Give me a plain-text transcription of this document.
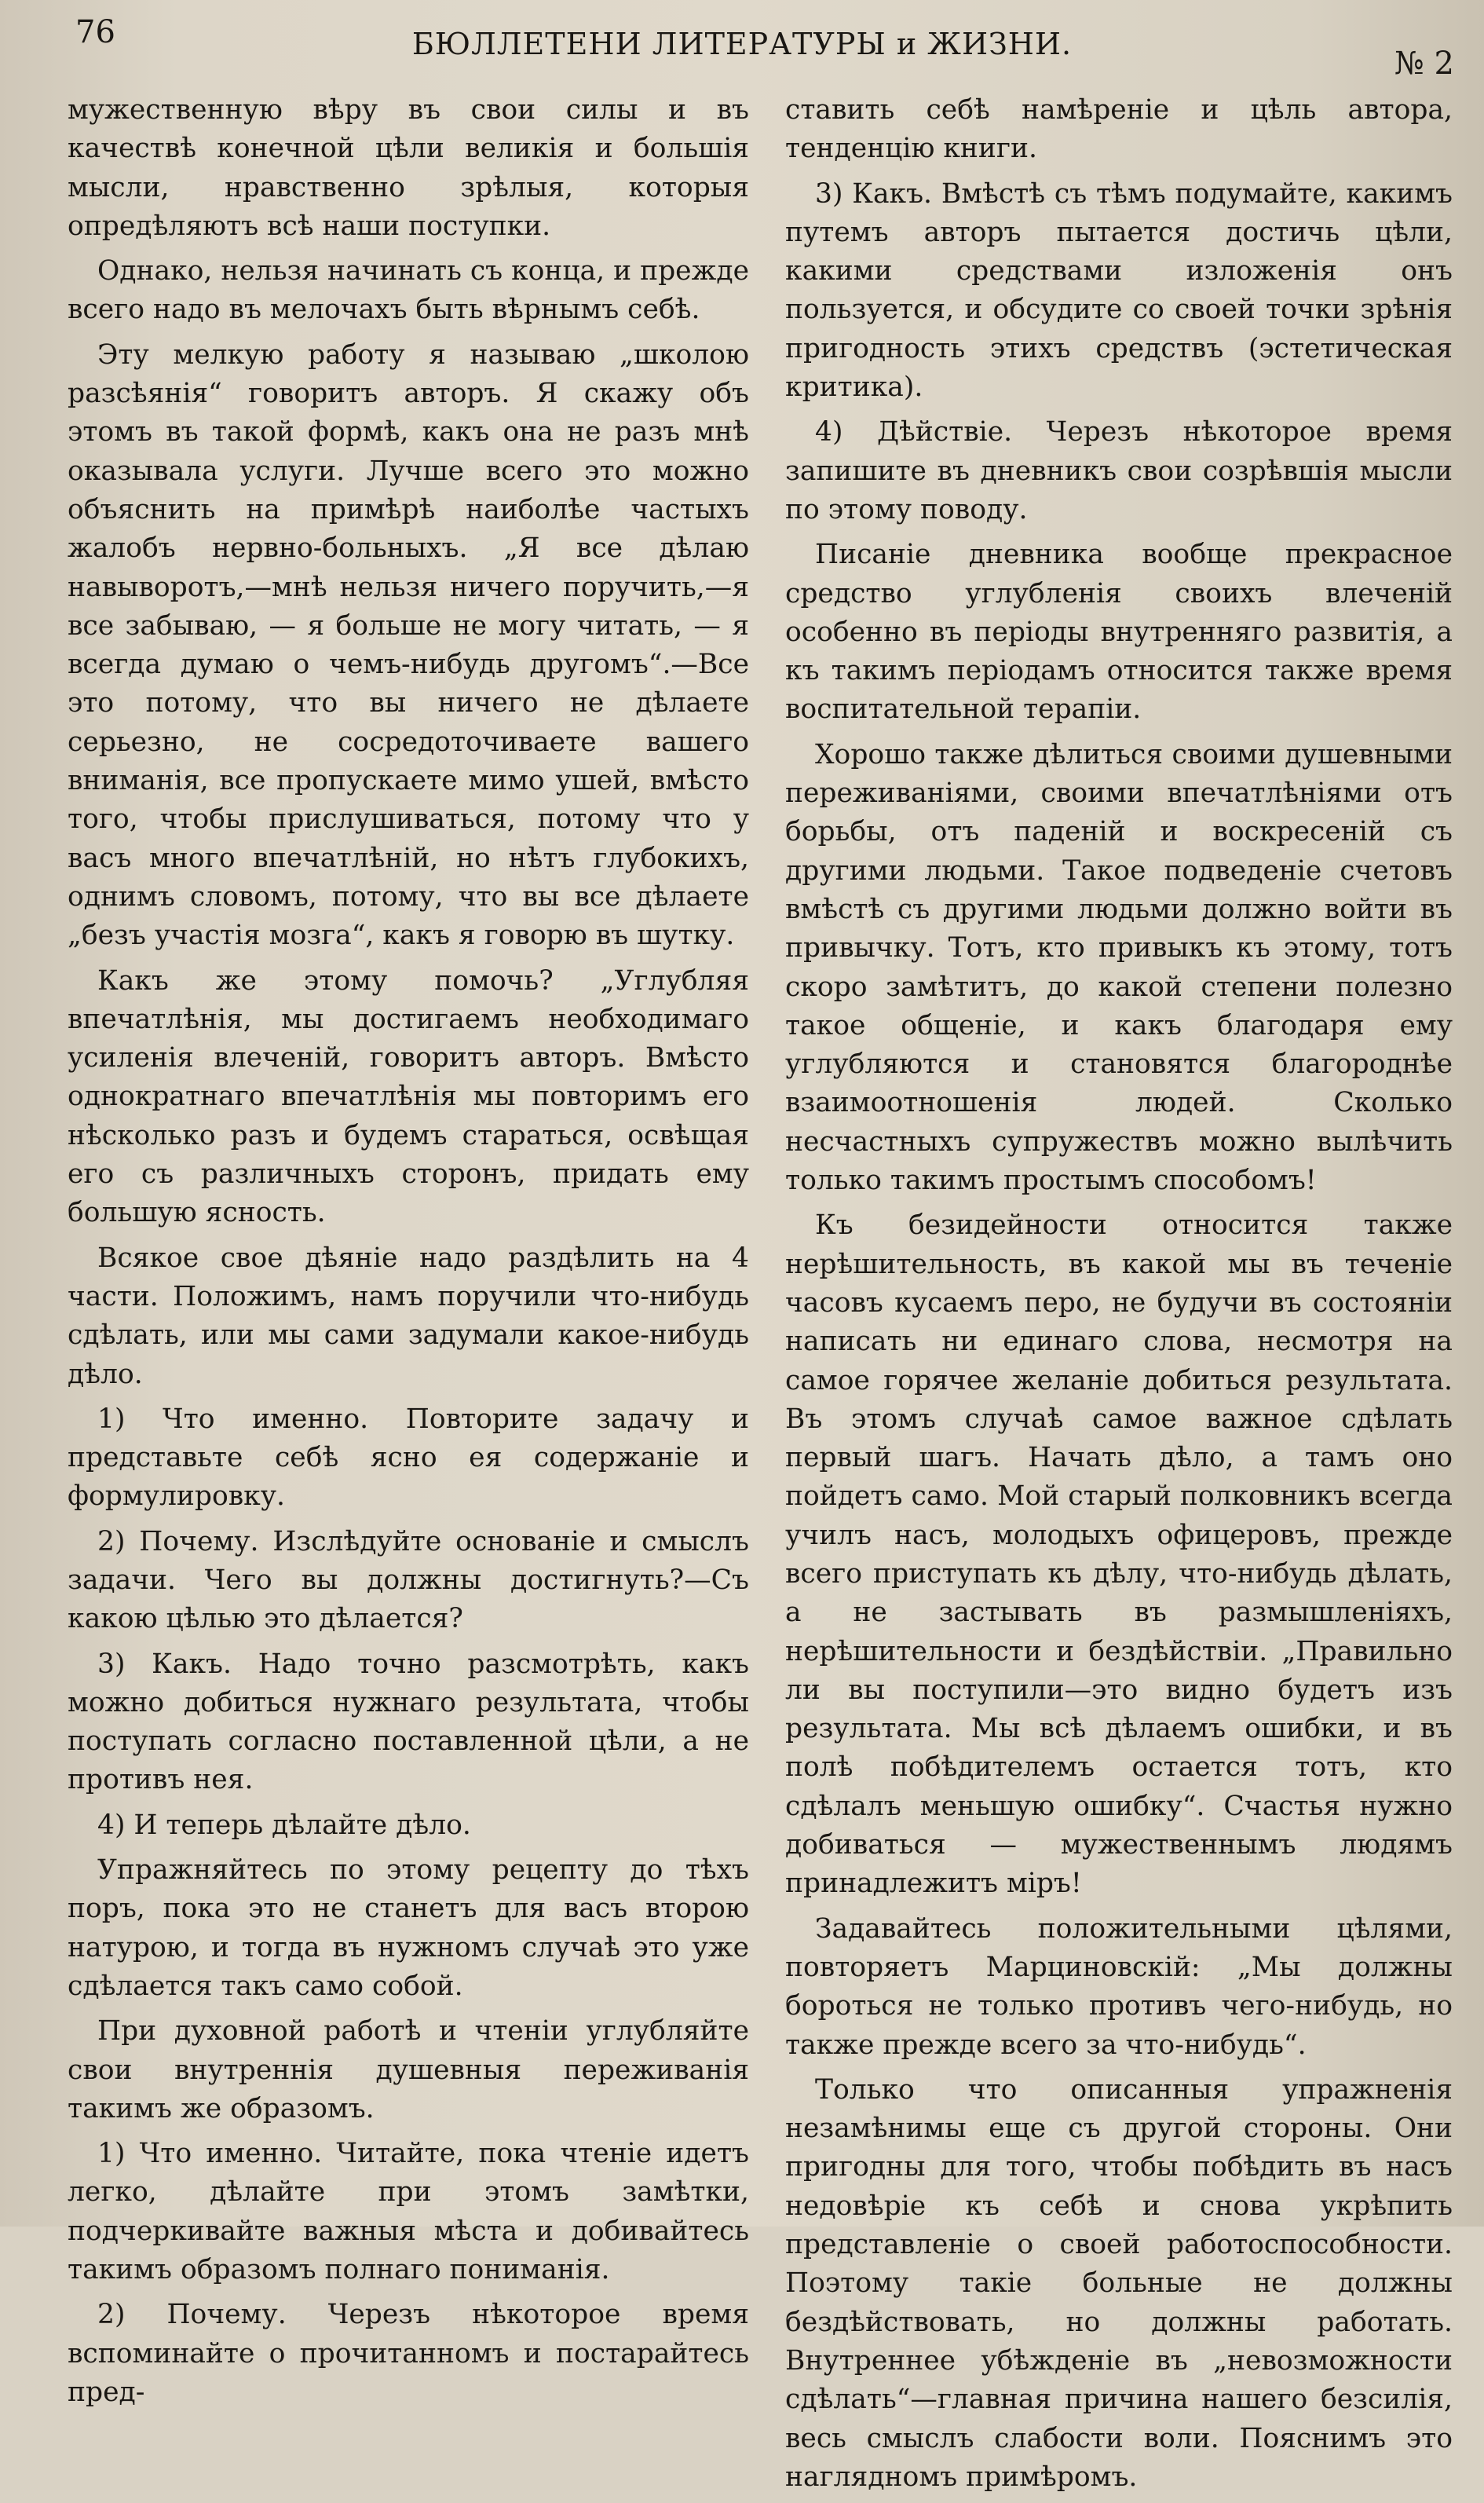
76	БЮЛЛЕТЕНИ ЛИТЕРАТУРЫ и ЖИЗНИ.
№ 2

мужественную вѣру въ свои силы и въ качествѣ конечной цѣли великія и большія мысли, нравственно зрѣлыя, которыя опредѣляютъ всѣ наши поступки.

Однако, нельзя начинать съ конца, и прежде всего надо въ мелочахъ быть вѣрнымъ себѣ.

Эту мелкую работу я называю „школою разсѣянія“ говоритъ авторъ. Я скажу объ этомъ въ такой формѣ, какъ она не разъ мнѣ оказывала услуги. Лучше всего это можно объяснить на примѣрѣ наиболѣе частыхъ жалобъ нервно-больныхъ. „Я все дѣлаю навыворотъ,—мнѣ нельзя ничего поручить,—я все забываю, — я больше не могу читать, — я всегда думаю о чемъ-нибудь другомъ“.—Все это потому, что вы ничего не дѣлаете серьезно, не сосредоточиваете вашего вниманія, все пропускаете мимо ушей, вмѣсто того, чтобы прислушиваться, потому что у васъ много впечатлѣній, но нѣтъ глубокихъ, однимъ словомъ, потому, что вы все дѣлаете „безъ участія мозга“, какъ я говорю въ шутку.

Какъ же этому помочь? „Углубляя впечатлѣнія, мы достигаемъ необходимаго усиленія влеченій, говоритъ авторъ. Вмѣсто однократнаго впечатлѣнія мы повторимъ его нѣсколько разъ и будемъ стараться, освѣщая его съ различныхъ сторонъ, придать ему большую ясность.

Всякое свое дѣяніе надо раздѣлить на 4 части. Положимъ, намъ поручили что-нибудь сдѣлать, или мы сами задумали какое-нибудь дѣло.

1) Что именно. Повторите задачу и представьте себѣ ясно ея содержаніе и формулировку.

2) Почему. Изслѣдуйте основаніе и смыслъ задачи. Чего вы должны достигнуть?—Съ какою цѣлью это дѣлается?

3) Какъ. Надо точно разсмотрѣть, какъ можно добиться нужнаго результата, чтобы поступать согласно поставленной цѣли, а не противъ нея.

4) И теперь дѣлайте дѣло.

Упражняйтесь по этому рецепту до тѣхъ поръ, пока это не станетъ для васъ второю натурою, и тогда въ нужномъ случаѣ это уже сдѣлается такъ само собой.

При духовной работѣ и чтеніи углубляйте свои внутреннія душевныя переживанія такимъ же образомъ.

1) Что именно. Читайте, пока чтеніе идетъ легко, дѣлайте при этомъ замѣтки, подчеркивайте важныя мѣста и добивайтесь такимъ образомъ полнаго пониманія.

2) Почему. Черезъ нѣкоторое время вспоминайте о прочитанномъ и постарайтесь пред-

ставить себѣ намѣреніе и цѣль автора, тенденцію книги.

3) Какъ. Вмѣстѣ съ тѣмъ подумайте, какимъ путемъ авторъ пытается достичь цѣли, какими средствами изложенія онъ пользуется, и обсудите со своей точки зрѣнія пригодность этихъ средствъ (эстетическая критика).

4) Дѣйствіе. Черезъ нѣкоторое время запишите въ дневникъ свои созрѣвшія мысли по этому поводу.

Писаніе дневника вообще прекрасное средство углубленія своихъ влеченій особенно въ періоды внутренняго развитія, а къ такимъ періодамъ относится также время воспитательной терапіи.

Хорошо также дѣлиться своими душевными переживаніями, своими впечатлѣніями отъ борьбы, отъ паденій и воскресеній съ другими людьми. Такое подведеніе счетовъ вмѣстѣ съ другими людьми должно войти въ привычку. Тотъ, кто привыкъ къ этому, тотъ скоро замѣтитъ, до какой степени полезно такое общеніе, и какъ благодаря ему углубляются и становятся благороднѣе взаимоотношенія людей. Сколько несчастныхъ супружествъ можно вылѣчить только такимъ простымъ способомъ!

Къ безидейности относится также нерѣшительность, въ какой мы въ теченіе часовъ кусаемъ перо, не будучи въ состояніи написать ни единаго слова, несмотря на самое горячее желаніе добиться результата. Въ этомъ случаѣ самое важное сдѣлать первый шагъ. Начать дѣло, а тамъ оно пойдетъ само. Мой старый полковникъ всегда училъ насъ, молодыхъ офицеровъ, прежде всего приступать къ дѣлу, что-нибудь дѣлать, а не застывать въ размышленіяхъ, нерѣшительности и бездѣйствіи. „Правильно ли вы поступили—это видно будетъ изъ результата. Мы всѣ дѣлаемъ ошибки, и въ полѣ побѣдителемъ остается тотъ, кто сдѣлалъ меньшую ошибку“. Счастья нужно добиваться — мужественнымъ людямъ принадлежитъ міръ!

Задавайтесь положительными цѣлями, повторяетъ Марциновскій: „Мы должны бороться не только противъ чего-нибудь, но также прежде всего за что-нибудь“.

Только что описанныя упражненія незамѣнимы еще съ другой стороны. Они пригодны для того, чтобы побѣдить въ насъ недовѣріе къ себѣ и снова укрѣпить представленіе о своей работоспособности. Поэтому такіе больные не должны бездѣйствовать, но должны работать. Внутреннее убѣжденіе въ „невозможности сдѣлать“—главная причина нашего безсилія, весь смыслъ слабости воли. Пояснимъ это наглядномъ примѣромъ.
